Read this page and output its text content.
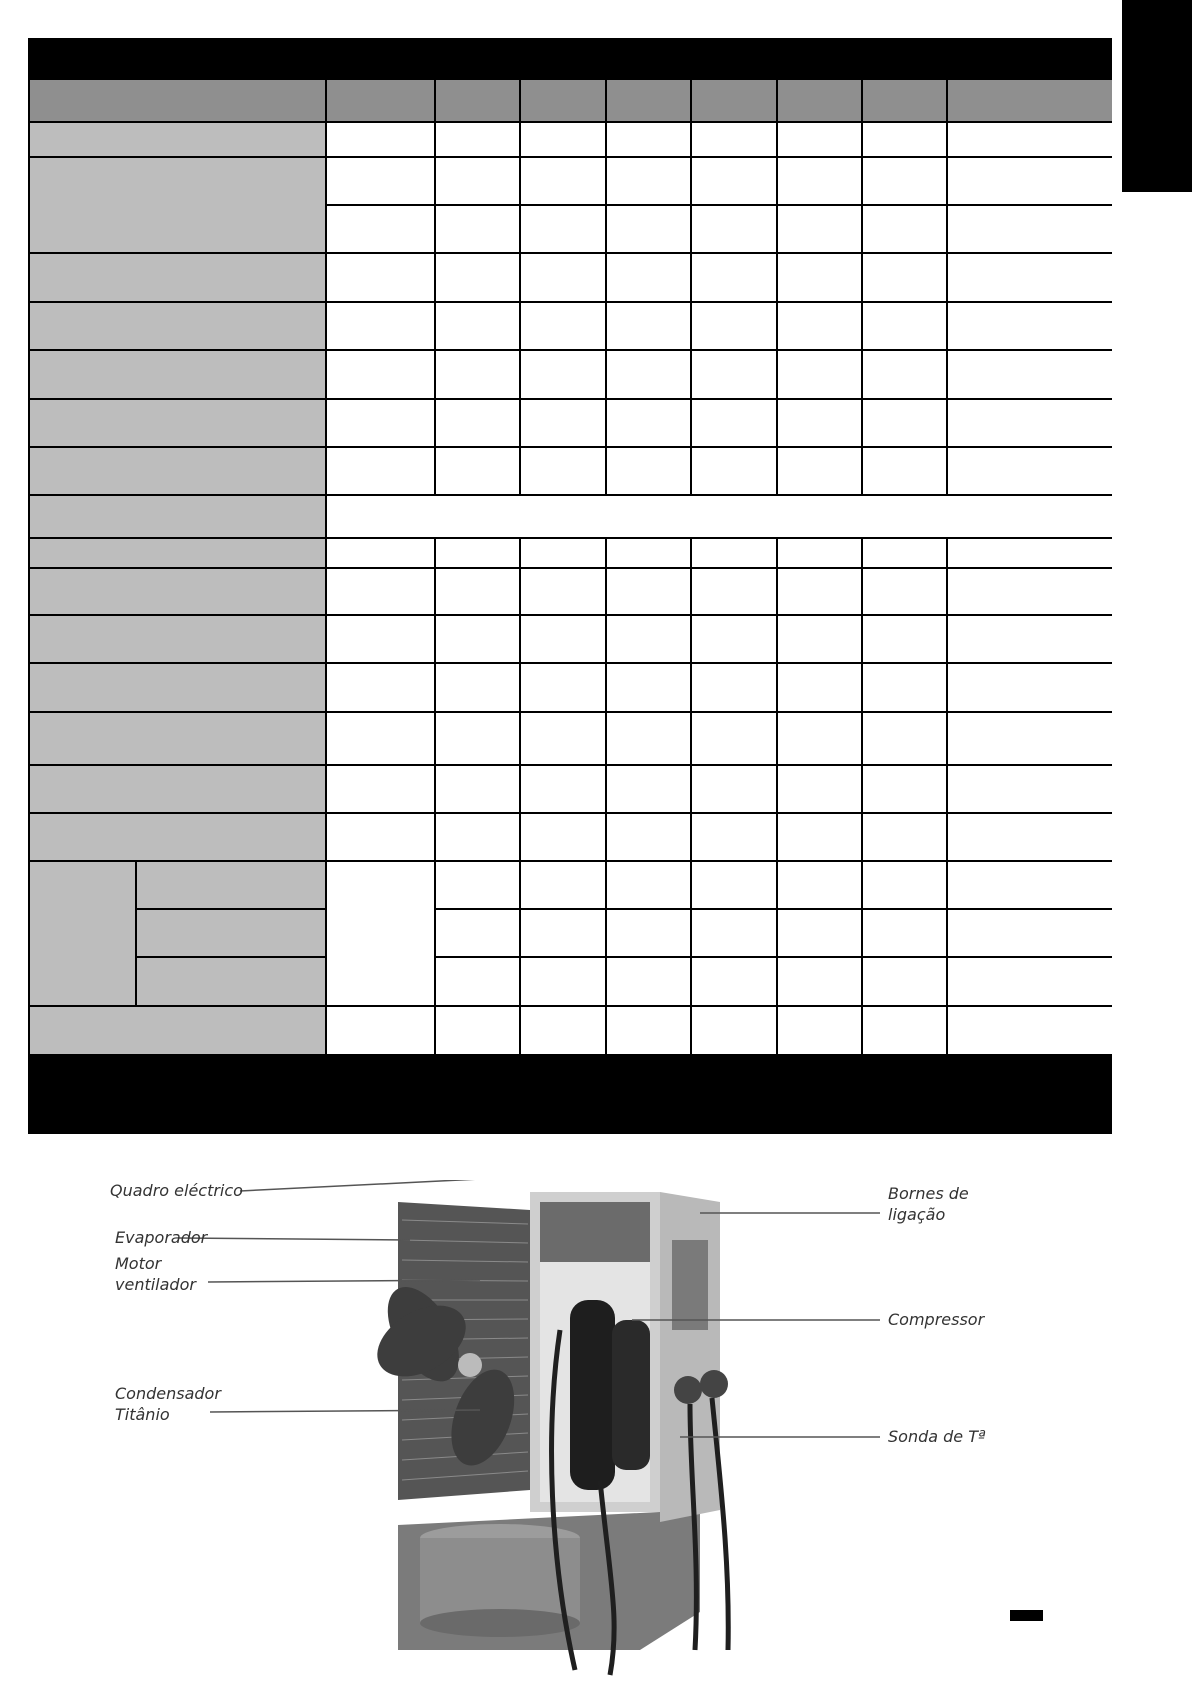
Quadro eléctrico
Evaporador
Motor
ventilador
Condensador
Titânio
Bornes de
ligação
Compressor
Sonda de Tª
